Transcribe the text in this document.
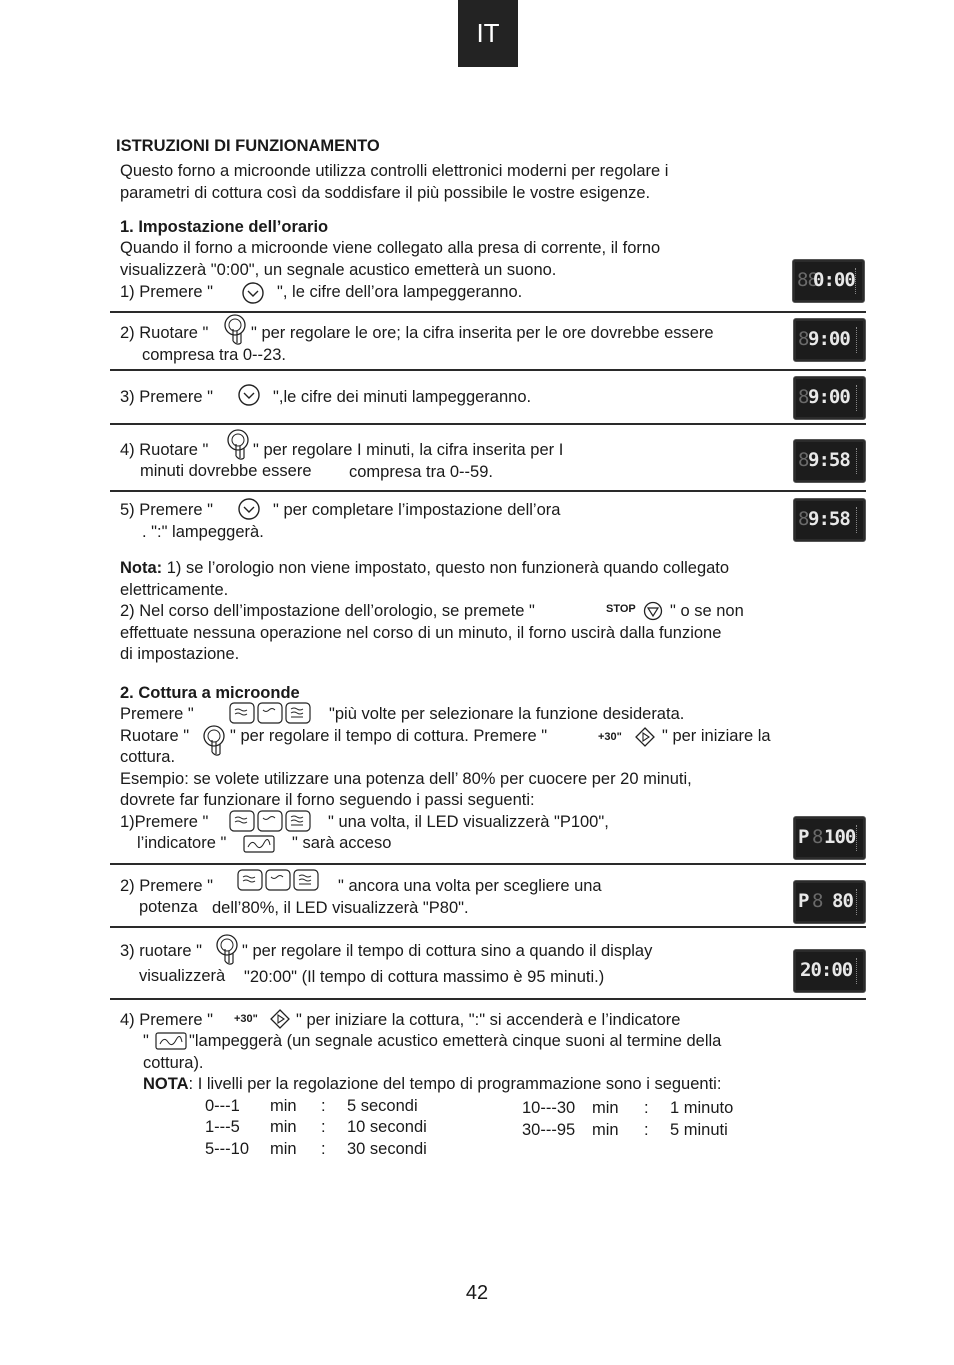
IT
ISTRUZIONI DI FUNZIONAMENTO
Questo forno a microonde utilizza controlli elettronici moderni per regolare i
parametri di cottura così da soddisfare il più possibile le vostre esigenze.
1. Impostazione dell’orario
Quando il forno a microonde viene collegato alla presa di corrente, il forno
visualizzerà "0:00", un segnale acustico emetterà un suono.
1) Premere "	", le cifre dell’ora lampeggeranno.
88
0:00
2) Ruotare "	" per regolare le ore; la cifra inserita per le ore dovrebbe essere
compresa tra 0--23.
8 9:00
3) Premere "	",le cifre dei minuti lampeggeranno.	8 9:00
4) Ruotare "	" per regolare I minuti, la cifra inserita per I
minuti dovrebbe essere compresa tra 0--59.
8 9:58
5) Premere "	" per completare l’impostazione dell’ora
. ":" lampeggerà.
8 9:58
Nota: 1) se l’orologio non viene impostato, questo non funzionerà quando collegato
elettricamente.
2) Nel corso dell’impostazione dell’orologio, se premete "	STOP " o se non
effettuate nessuna operazione nel corso di un minuto, il forno uscirà dalla funzione
di impostazione.
2. Cottura a microonde
Premere "	"più volte per selezionare la funzione desiderata.
Ruotare " " per regolare il tempo di cottura. Premere "	+30" " per iniziare la
cottura.
Esempio: se volete utilizzare una potenza dell’ 80% per cuocere per 20 minuti,
dovrete far funzionare il forno seguendo i passi seguenti:
1)Premere "	" una volta, il LED visualizzerà "P100",
l’indicatore "	" sarà acceso	P 8 100
2) Premere "	" ancora una volta per scegliere una
potenza dell’80%, il LED visualizzerà "P80".	P 8 80
3) ruotare " " per regolare il tempo di cottura sino a quando il display
visualizzerà "20:00" (Il tempo di cottura massimo è 95 minuti.)	20:00
4) Premere " +30" " per iniziare la cottura, ":" si accenderà e l’indicatore
" "lampeggerà (un segnale acustico emetterà cinque suoni al termine della
cottura).
NOTA: I livelli per la regolazione del tempo di programmazione sono i seguenti:
0---1 min : 5 secondi
1---5 min : 10 secondi
5---10 min : 30 secondi
10---30 min : 1 minuto
30---95 min : 5 minuti
42
